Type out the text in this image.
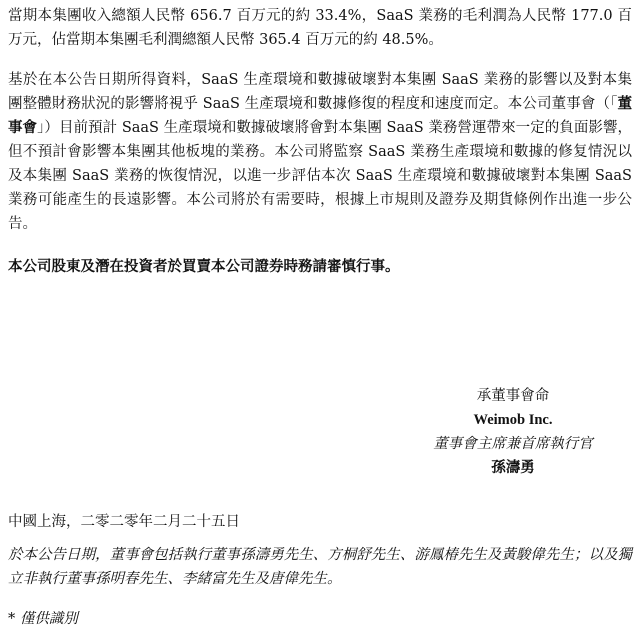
當期本集團收入總額人民幣 656.7 百万元的約 33.4%，SaaS 業務的毛利潤為人民幣 177.0 百万元，佔當期本集團毛利潤總額人民幣 365.4 百万元的約 48.5%。

基於在本公告日期所得資料，SaaS 生產環境和數據破壞對本集團 SaaS 業務的影響以及對本集團整體財務狀況的影響將視乎 SaaS 生產環境和數據修復的程度和速度而定。本公司董事會（「董事會」）目前預計 SaaS 生產環境和數據破壞將會對本集團 SaaS 業務營運帶來一定的負面影響，但不預計會影響本集團其他板塊的業務。本公司將監察 SaaS 業務生產環境和數據的修复情況以及本集團 SaaS 業務的恢復情況，以進一步評估本次 SaaS 生產環境和數據破壞對本集團 SaaS 業務可能產生的長遠影響。本公司將於有需要時，根據上市規則及證券及期貨條例作出進一步公告。

本公司股東及潛在投資者於買賣本公司證券時務請審慎行事。
承董事會命
Weimob Inc.
董事會主席兼首席執行官
孫濤勇
中國上海，二零二零年二月二十五日
於本公告日期，董事會包括執行董事孫濤勇先生、方桐舒先生、游鳳椿先生及黃駿偉先生；以及獨立非執行董事孫明春先生、李緒富先生及唐偉先生。
* 僅供識別
